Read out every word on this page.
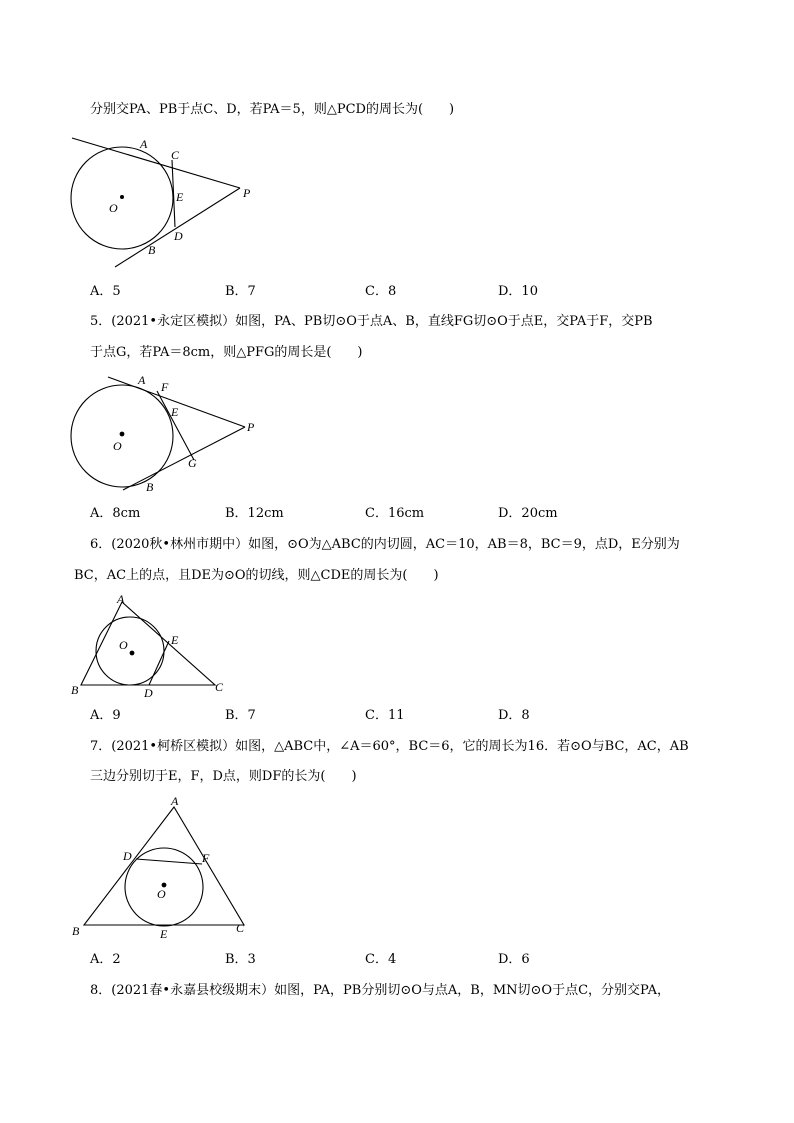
分别交PA、PB于点C、D，若PA＝5，则△PCD的周长为(　　)
A
C
E
O
P
D
B
A．5	B．7	C．8	D．10
5．(2021•永定区模拟）如图，PA、PB切⊙O于点A、B，直线FG切⊙O于点E，交PA于F，交PB
于点G，若PA＝8cm，则△PFG的周长是(　　)
A F
E
O
P
G
B
A．8cm	B．12cm	C．16cm	D．20cm
6．(2020秋•林州市期中）如图，⊙O为△ABC的内切圆，AC＝10，AB＝8，BC＝9，点D，E分别为
BC，AC上的点，且DE为⊙O的切线，则△CDE的周长为(　　)
A
O	E
B	D	C
A．9	B．7	C．11	D．8
7．(2021•柯桥区模拟）如图，△ABC中，∠A＝60°，BC＝6，它的周长为16．若⊙O与BC，AC，AB
三边分别切于E，F，D点，则DF的长为(　　)
A
D	F
O
B	E	C
A．2	B．3	C．4	D．6
8．(2021春•永嘉县校级期末）如图，PA，PB分别切⊙O与点A，B，MN切⊙O于点C，分别交PA，
